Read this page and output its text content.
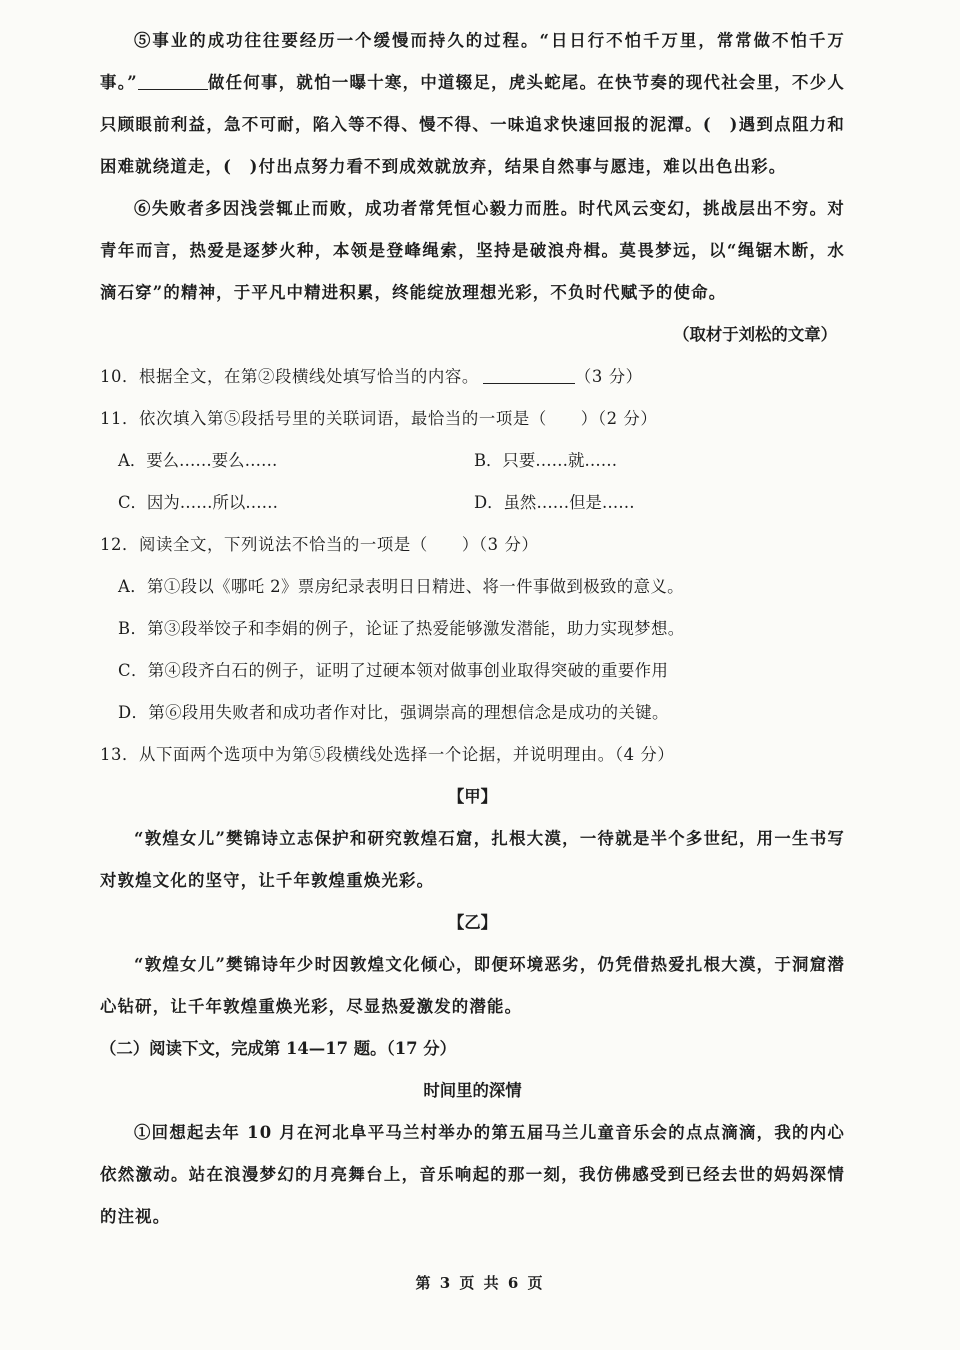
⑤事业的成功往往要经历一个缓慢而持久的过程。“日日行不怕千万里，常常做不怕千万事。”	做任何事，就怕一曝十寒，中道辍足，虎头蛇尾。在快节奏的现代社会里，不少人只顾眼前利益，急不可耐，陷入等不得、慢不得、一味追求快速回报的泥潭。(　)遇到点阻力和困难就绕道走，(　)付出点努力看不到成效就放弃，结果自然事与愿违，难以出色出彩。

⑥失败者多因浅尝辄止而败，成功者常凭恒心毅力而胜。时代风云变幻，挑战层出不穷。对青年而言，热爱是逐梦火种，本领是登峰绳索，坚持是破浪舟楫。莫畏梦远，以“绳锯木断，水滴石穿”的精神，于平凡中精进积累，终能绽放理想光彩，不负时代赋予的使命。

（取材于刘松的文章）

10．根据全文，在第②段横线处填写恰当的内容。	（3 分）

11．依次填入第⑤段括号里的关联词语，最恰当的一项是（　　）（2 分）

A．要么……要么……	B．只要……就……
C．因为……所以……	D．虽然……但是……

12．阅读全文，下列说法不恰当的一项是（　　）（3 分）

A．第①段以《哪吒 2》票房纪录表明日日精进、将一件事做到极致的意义。

B．第③段举饺子和李娟的例子，论证了热爱能够激发潜能，助力实现梦想。

C．第④段齐白石的例子，证明了过硬本领对做事创业取得突破的重要作用

D．第⑥段用失败者和成功者作对比，强调崇高的理想信念是成功的关键。

13．从下面两个选项中为第⑤段横线处选择一个论据，并说明理由。（4 分）

【甲】

“敦煌女儿”樊锦诗立志保护和研究敦煌石窟，扎根大漠，一待就是半个多世纪，用一生书写对敦煌文化的坚守，让千年敦煌重焕光彩。

【乙】

“敦煌女儿”樊锦诗年少时因敦煌文化倾心，即便环境恶劣，仍凭借热爱扎根大漠，于洞窟潜心钻研，让千年敦煌重焕光彩，尽显热爱激发的潜能。

（二）阅读下文，完成第 14—17 题。（17 分）

时间里的深情

①回想起去年 10 月在河北阜平马兰村举办的第五届马兰儿童音乐会的点点滴滴，我的内心依然激动。站在浪漫梦幻的月亮舞台上，音乐响起的那一刻，我仿佛感受到已经去世的妈妈深情的注视。

第 3 页 共 6 页
